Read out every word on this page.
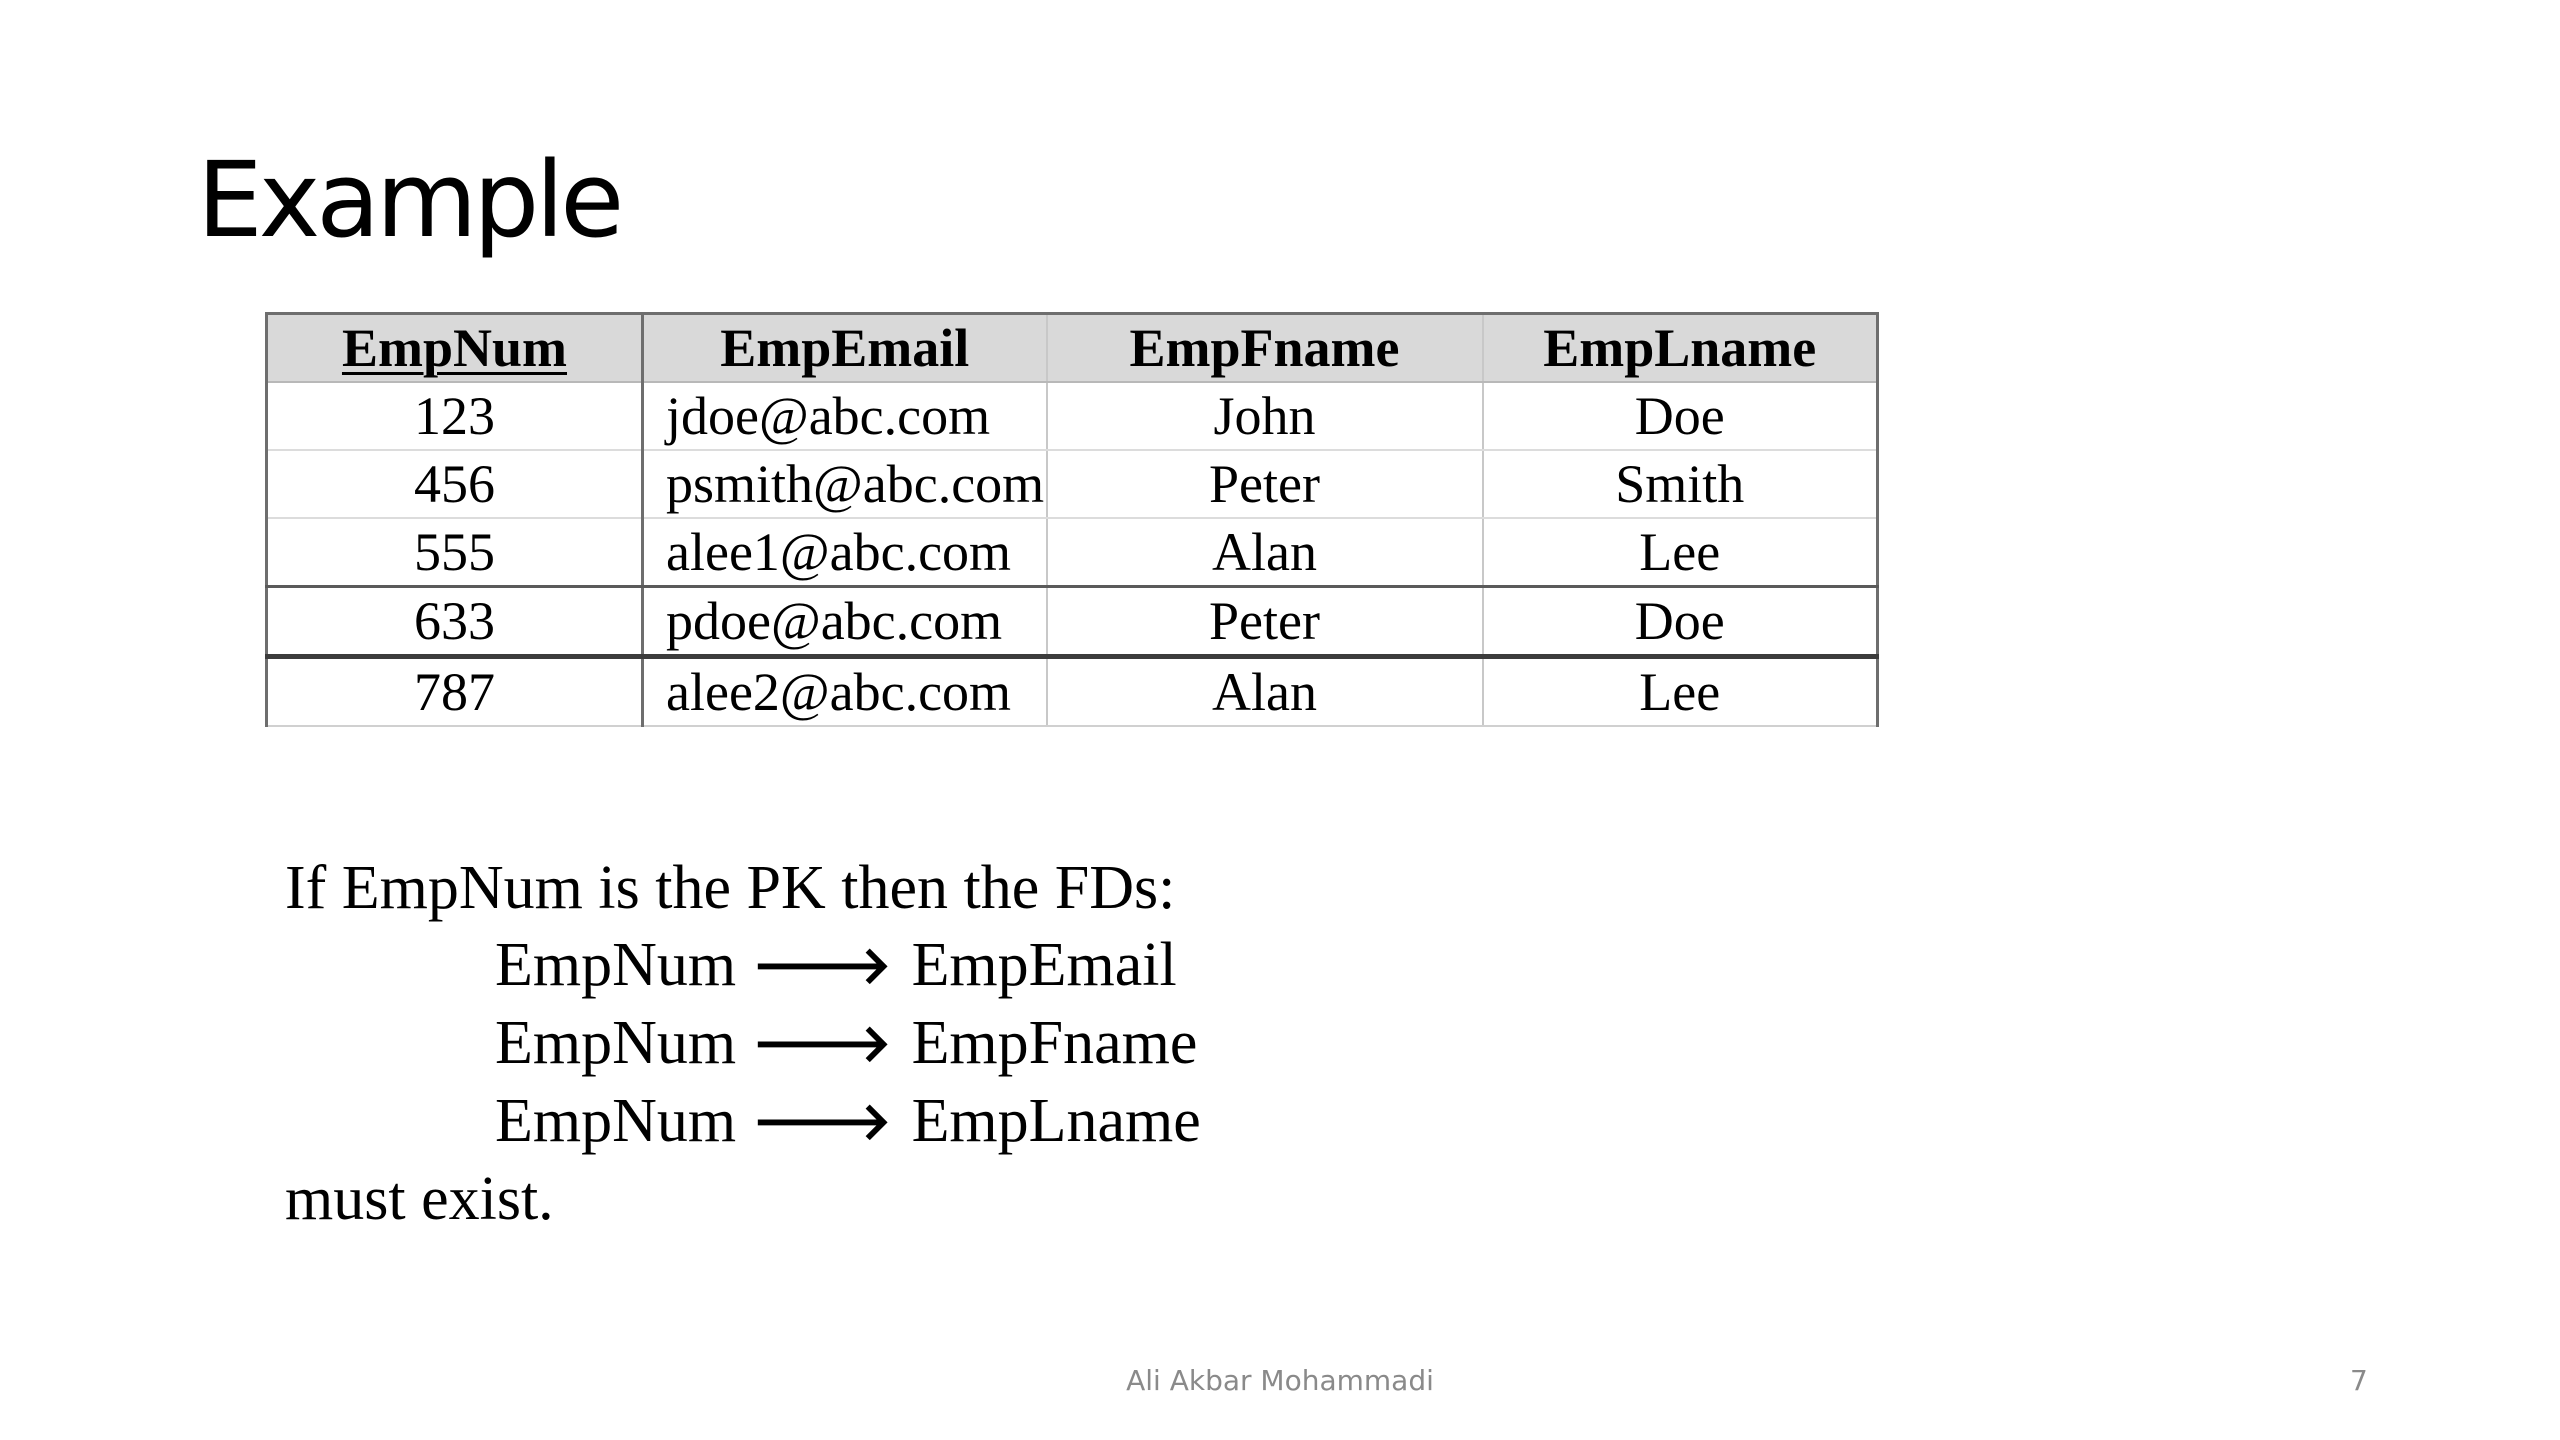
Example
EmpNum	EmpEmail	EmpFname	EmpLname
123	jdoe@abc.com	John	Doe
456	psmith@abc.com	Peter	Smith
555	alee1@abc.com	Alan	Lee
633	pdoe@abc.com	Peter	Doe
787	alee2@abc.com	Alan	Lee
If EmpNum is the PK then the FDs:
EmpNum 🡒 EmpEmail
EmpNum 🡒 EmpFname
EmpNum 🡒 EmpLname
must exist.
Ali Akbar Mohammadi	7
